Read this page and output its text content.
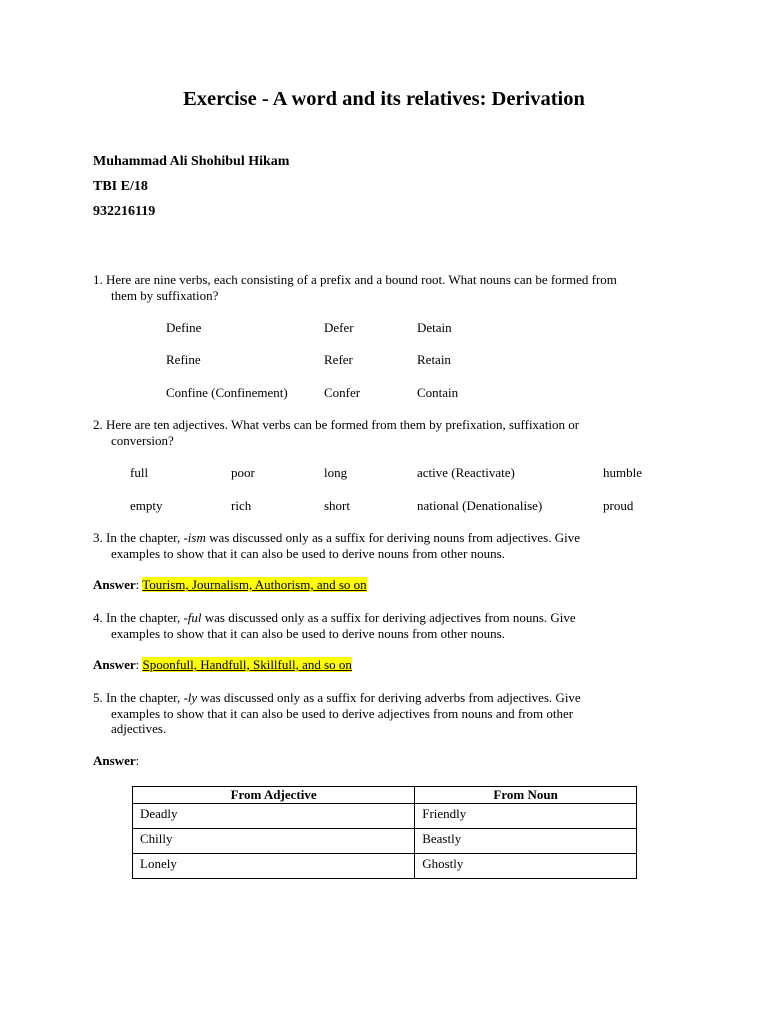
Exercise - A word and its relatives: Derivation
Muhammad Ali Shohibul Hikam
TBI E/18
932216119
1. Here are nine verbs, each consisting of a prefix and a bound root. What nouns can be formed from
them by suffixation?
Define	Defer	Detain
Refine	Refer	Retain
Confine (Confinement)	Confer	Contain
2. Here are ten adjectives. What verbs can be formed from them by prefixation, suffixation or
conversion?
full	poor	long	active (Reactivate)	humble
empty	rich	short	national (Denationalise)	proud
3. In the chapter, -ism was discussed only as a suffix for deriving nouns from adjectives. Give
examples to show that it can also be used to derive nouns from other nouns.
Answer: Tourism, Journalism, Authorism, and so on
4. In the chapter, -ful was discussed only as a suffix for deriving adjectives from nouns. Give
examples to show that it can also be used to derive nouns from other nouns.
Answer: Spoonfull, Handfull, Skillfull, and so on
5. In the chapter, -ly was discussed only as a suffix for deriving adverbs from adjectives. Give
examples to show that it can also be used to derive adjectives from nouns and from other
adjectives.
Answer:
From Adjective	From Noun
Deadly	Friendly
Chilly	Beastly
Lonely	Ghostly
